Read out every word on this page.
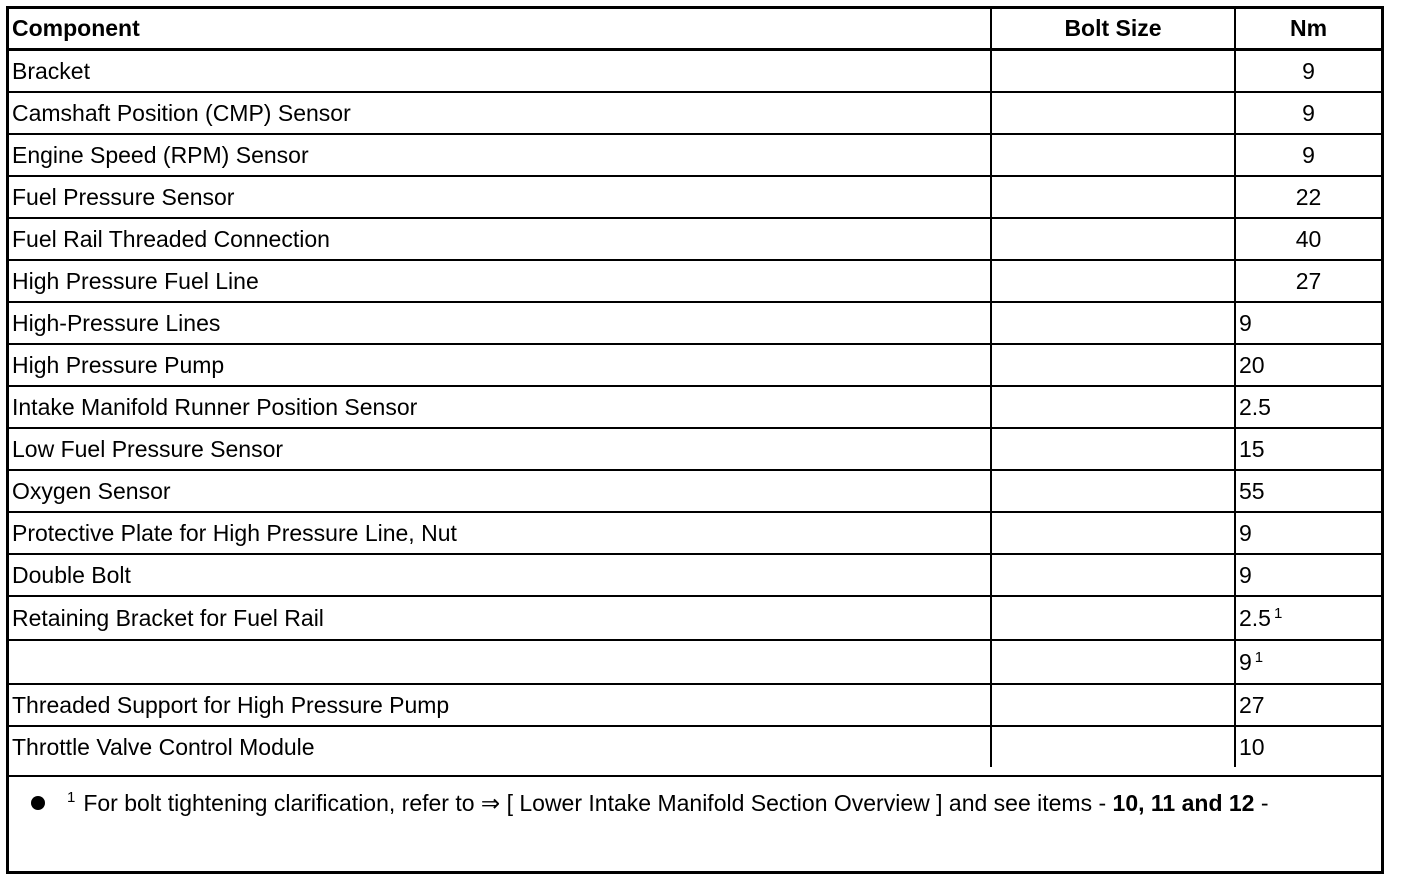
Component	Bolt Size	Nm
Bracket		9
Camshaft Position (CMP) Sensor		9
Engine Speed (RPM) Sensor		9
Fuel Pressure Sensor		22
Fuel Rail Threaded Connection		40
High Pressure Fuel Line		27
High-Pressure Lines		9
High Pressure Pump		20
Intake Manifold Runner Position Sensor		2.5
Low Fuel Pressure Sensor		15
Oxygen Sensor		55
Protective Plate for High Pressure Line, Nut		9
Double Bolt		9
Retaining Bracket for Fuel Rail		2.5 $^1$
		9 $^1$
Threaded Support for High Pressure Pump		27
Throttle Valve Control Module		10
$^1$ For bolt tightening clarification, refer to ⇒ [ Lower Intake Manifold Section Overview ] and see items - 10, 11 and 12 -
